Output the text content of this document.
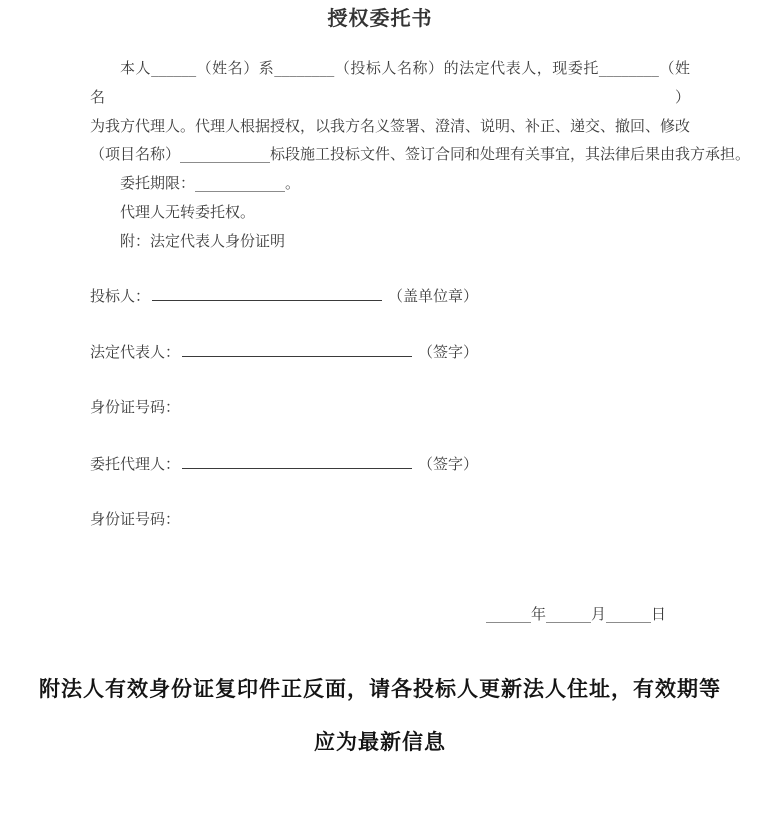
授权委托书
本人______（姓名）系________（投标人名称）的法定代表人，现委托________（姓名）
为我方代理人。代理人根据授权，以我方名义签署、澄清、说明、补正、递交、撤回、修改
（项目名称）____________标段施工投标文件、签订合同和处理有关事宜，其法律后果由我方承担。
委托期限：____________。
代理人无转委托权。
附：法定代表人身份证明
投标人：	（盖单位章）
法定代表人：	（签字）
身份证号码：
委托代理人：	（签字）
身份证号码：
______年______月______日
附法人有效身份证复印件正反面，请各投标人更新法人住址，有效期等
应为最新信息
